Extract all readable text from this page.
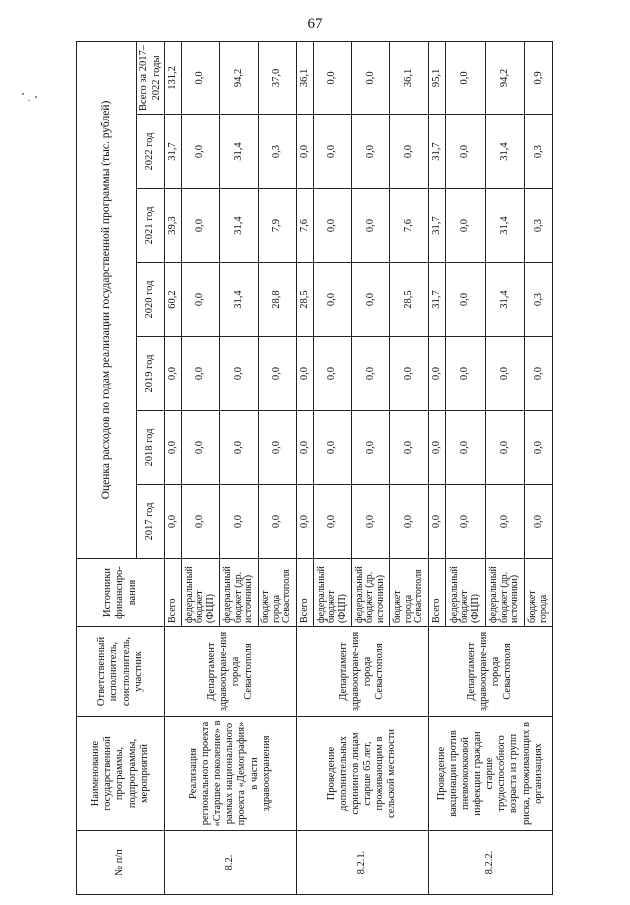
67
№ п/п	Наименование государственной программы, подпрограммы, мероприятий	Ответственный исполнитель, соисполнитель, участник	Источники финансиро-вания	Оценка расходов по годам реализации государственной программы (тыс. рублей)						
				2017 год	2018 год	2019 год	2020 год	2021 год	2022 год	Всего за 2017–2022 годы
8.2.	Реализация регионального проекта «Старшее поколение» в рамках национального проекта «Демография» в части здравоохранения	Департамент здравоохране-ния города Севастополя	Всего	0,0	0,0	0,0	60,2	39,3	31,7	131,2
			федеральный бюджет (ФЦП)	0,0	0,0	0,0	0,0	0,0	0,0	0,0
			федеральный бюджет (др. источники)	0,0	0,0	0,0	31,4	31,4	31,4	94,2
			бюджет города Севастополя	0,0	0,0	0,0	28,8	7,9	0,3	37,0
8.2.1.	Проведение дополнительных скринингов лицам старше 65 лет, проживающим в сельской местности	Департамент здравоохране-ния города Севастополя	Всего	0,0	0,0	0,0	28,5	7,6	0,0	36,1
			федеральный бюджет (ФЦП)	0,0	0,0	0,0	0,0	0,0	0,0	0,0
			федеральный бюджет (др. источники)	0,0	0,0	0,0	0,0	0,0	0,0	0,0
			бюджет города Севастополя	0,0	0,0	0,0	28,5	7,6	0,0	36,1
8.2.2.	Проведение вакцинации против пневмококковой инфекции граждан старше трудоспособного возраста из групп риска, проживающих в организациях	Департамент здравоохране-ния города Севастополя	Всего	0,0	0,0	0,0	31,7	31,7	31,7	95,1
			федеральный бюджет (ФЦП)	0,0	0,0	0,0	0,0	0,0	0,0	0,0
			федеральный бюджет (др. источники)	0,0	0,0	0,0	31,4	31,4	31,4	94,2
			бюджет города	0,0	0,0	0,0	0,3	0,3	0,3	0,9
